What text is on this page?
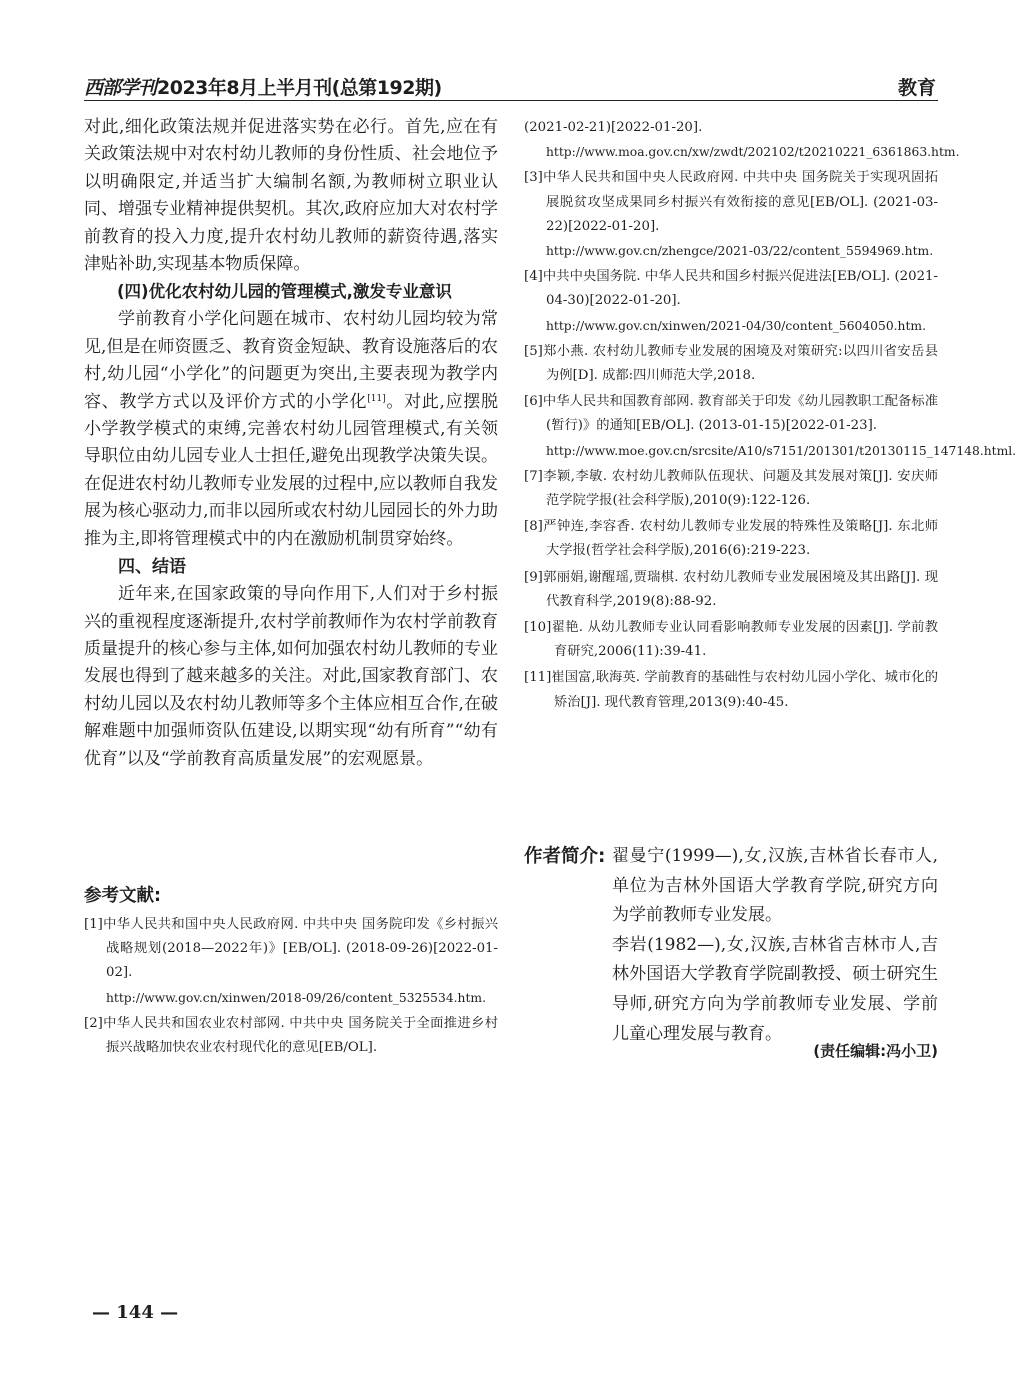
西部学刊 2023年8月上半月刊(总第192期)	教育

对此,细化政策法规并促进落实势在必行。首先,应在有关政策法规中对农村幼儿教师的身份性质、社会地位予以明确限定,并适当扩大编制名额,为教师树立职业认同、增强专业精神提供契机。其次,政府应加大对农村学前教育的投入力度,提升农村幼儿教师的薪资待遇,落实津贴补助,实现基本物质保障。

(四)优化农村幼儿园的管理模式,激发专业意识

学前教育小学化问题在城市、农村幼儿园均较为常见,但是在师资匮乏、教育资金短缺、教育设施落后的农村,幼儿园“小学化”的问题更为突出,主要表现为教学内容、教学方式以及评价方式的小学化[11]。对此,应摆脱小学教学模式的束缚,完善农村幼儿园管理模式,有关领导职位由幼儿园专业人士担任,避免出现教学决策失误。在促进农村幼儿教师专业发展的过程中,应以教师自我发展为核心驱动力,而非以园所或农村幼儿园园长的外力助推为主,即将管理模式中的内在激励机制贯穿始终。

四、结语

近年来,在国家政策的导向作用下,人们对于乡村振兴的重视程度逐渐提升,农村学前教师作为农村学前教育质量提升的核心参与主体,如何加强农村幼儿教师的专业发展也得到了越来越多的关注。对此,国家教育部门、农村幼儿园以及农村幼儿教师等多个主体应相互合作,在破解难题中加强师资队伍建设,以期实现“幼有所育”“幼有优育”以及“学前教育高质量发展”的宏观愿景。

参考文献:

[1]中华人民共和国中央人民政府网. 中共中央 国务院印发《乡村振兴战略规划(2018—2022年)》[EB/OL]. (2018-09-26)[2022-01-02].
http://www.gov.cn/xinwen/2018-09/26/content_5325534.htm.

[2]中华人民共和国农业农村部网. 中共中央 国务院关于全面推进乡村振兴战略加快农业农村现代化的意见[EB/OL].

(2021-02-21)[2022-01-20].
http://www.moa.gov.cn/xw/zwdt/202102/t20210221_6361863.htm.

[3]中华人民共和国中央人民政府网. 中共中央 国务院关于实现巩固拓展脱贫攻坚成果同乡村振兴有效衔接的意见[EB/OL]. (2021-03-22)[2022-01-20].
http://www.gov.cn/zhengce/2021-03/22/content_5594969.htm.

[4]中共中央国务院. 中华人民共和国乡村振兴促进法[EB/OL]. (2021-04-30)[2022-01-20].
http://www.gov.cn/xinwen/2021-04/30/content_5604050.htm.

[5]郑小燕. 农村幼儿教师专业发展的困境及对策研究:以四川省安岳县为例[D]. 成都:四川师范大学,2018.

[6]中华人民共和国教育部网. 教育部关于印发《幼儿园教职工配备标准(暂行)》的通知[EB/OL]. (2013-01-15)[2022-01-23].
http://www.moe.gov.cn/srcsite/A10/s7151/201301/t20130115_147148.html.

[7]李颖,李敏. 农村幼儿教师队伍现状、问题及其发展对策[J]. 安庆师范学院学报(社会科学版),2010(9):122-126.

[8]严钟连,李容香. 农村幼儿教师专业发展的特殊性及策略[J]. 东北师大学报(哲学社会科学版),2016(6):219-223.

[9]郭丽娟,谢醒瑶,贾瑞棋. 农村幼儿教师专业发展困境及其出路[J]. 现代教育科学,2019(8):88-92.

[10]翟艳. 从幼儿教师专业认同看影响教师专业发展的因素[J]. 学前教育研究,2006(11):39-41.

[11]崔国富,耿海英. 学前教育的基础性与农村幼儿园小学化、城市化的矫治[J]. 现代教育管理,2013(9):40-45.

作者简介: 翟曼宁(1999—),女,汉族,吉林省长春市人,单位为吉林外国语大学教育学院,研究方向为学前教师专业发展。

李岩(1982—),女,汉族,吉林省吉林市人,吉林外国语大学教育学院副教授、硕士研究生导师,研究方向为学前教师专业发展、学前儿童心理发展与教育。

(责任编辑:冯小卫)
— 144 —
